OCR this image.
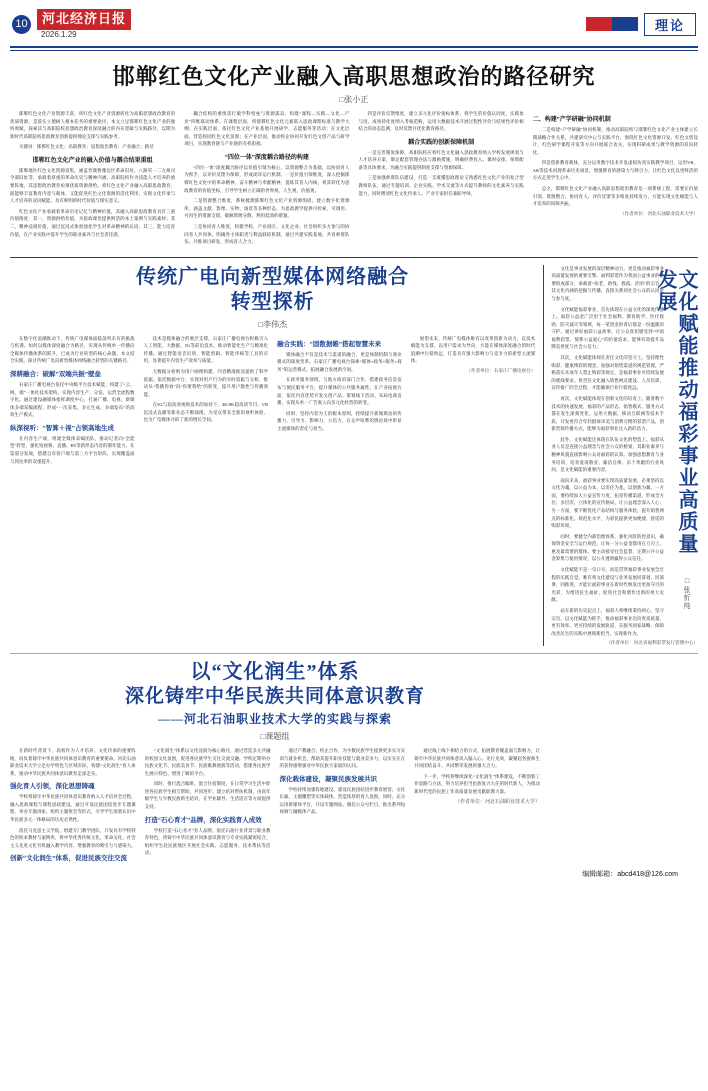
10	河北经济日报
2026.1.29
理论
邯郸红色文化产业融入高职思想政治的路径研究
□张小正

邯郸红色文化产业资源丰富，将红色文化产业资源转化为高职思想政治教育的优质资源，是落实立德树人根本任务的重要途径。本文立足邯郸红色文化产业的独特禀赋，探索其与高职院校思想政治教育深度融合的内在逻辑与实践路径，以期为新时代高职院校思政教育创新提供理论支撑与实践参考。

关键词：邯郸红色文化；高职教育；思想政治教育；产业融合；路径

邯郸红色文化产业的融入价值与耦合结果重组

邯郸地区红色文化资源富集，涵盖晋冀鲁豫边区革命旧址、八路军一二九师司令部旧址等，承载着厚重的革命历史与精神内涵。高职院校作为技能人才培养的重要阵地，其思想政治教育亟须优质资源供给。将红色文化产业融入高职思政教育，既能够丰富教育内容与载体，又能促进红色文化资源的活化利用，实现文化传承与人才培养的双向赋能，具有鲜明的时代价值与现实意义。

红色文化产业承载着革命历史记忆与精神价值，其融入高职思政教育具有三重价值维度：其一，资源供给价值，为思政课堂提供鲜活的本土案例与实践素材；其二，精神浸润价值，通过沉浸式体验强化学生对革命精神的认同；其三，能力培育价值，在产业实践中提升学生的职业素养与社会责任感。

耦合结构的重组需打破学科壁垒与资源孤岛，构建“课程—实践—文化—产业”四维联动体系。在课程层面，将邯郸红色文化元素嵌入思政课程标准与教学大纲；在实践层面，依托红色文化产业基地开展研学、志愿服务等活动；在文化层面，营造校园红色文化氛围；在产业层面，推动校企协同开发红色文创产品与研学项目，实现教育链与产业链的有机衔接。

“四位一体”深度耦合路径的构建

“四位一体”深度耦合路径以价值引领为核心，以资源整合为基础，以协同育人为抓手，以评价反馈为保障，形成闭环运行机制。一是价值引领维度，深入挖掘邯郸红色文化中的革命精神、奋斗精神与奉献精神，提炼其育人内核，将其转化为思政教育的价值坐标，引导学生树立正确的世界观、人生观、价值观。

二是资源整合维度，系统梳理邯郸红色文化产业资源图谱，建立数字化资源库，涵盖文献、影像、实物、场景等多种形态，为思政教学提供可检索、可调用、可再生的资源支撑，破解资源分散、利用低效的难题。

三是协同育人维度，构建学校、产业园区、文化企业、社会组织多方参与的协同育人共同体，明确各主体职责与利益联结机制，通过共建实践基地、共育师资队伍、共推项目研发，形成育人合力。

四是评价反馈维度，建立多元化评价指标体系，将学生的价值认同度、实践参与度、成果转化度纳入考核范畴，运用大数据技术开展过程性评价与结果性评价相结合的动态监测，及时反馈并优化教育路径。

耦合实践的创新保障机制

一是完善制度保障，高职院校应将红色文化融入思政教育纳入学校发展规划与人才培养方案，制定配套管理办法与激励措施，明确经费投入、课时安排、师资配备等具体要求，为融合实践提供制度支撑与资源保障。

三是加强师资队伍建设，打造一支既懂思政理论又熟悉红色文化产业的复合型教师队伍，通过专题培训、企业实践、学术交流等方式提升教师的文化素养与实践能力，同时聘请红色文化传承人、产业专家担任兼职导师。

二、构建“产学研融”协同机制

二是构建“产学研融”协同机制，推动高职院校与邯郸红色文化产业主体建立长期战略合作关系，共建研究中心与实践平台，围绕红色文化资源开发、红色文创设计、红色研学课程开发等方向开展联合攻关，实现科研成果与教学资源的双向转化。

四是创新教育载体，充分运用数字技术开发虚拟仿真实践教学项目，运用VR、AR等技术再现革命历史场景，增强教育的感染力与吸引力，让红色文化以更鲜活的方式走进学生心中。

总之，邯郸红色文化产业融入高职思想政治教育是一项系统工程，需要在价值引领、资源整合、协同育人、评价反馈等多维度持续发力，方能实现文化赋能与人才培养的同频共振。

（作者单位：河北石油职业技术大学）
传统广电向新型媒体网络融合
转型探析
□李伟杰

在数字化浪潮推动下，传统广电媒体面临前所未有的挑战与机遇。如何以媒体深度融合为路径，实现从传统单一传播向全媒体传播体系的跃升，已成为行业转型的核心命题。本文结合实践，探讨传统广电向新型媒体网络融合转型的关键路径。

深耕融合：破解“双端共振”壁垒

石家庄广播电视台依托中央级平台技术赋能，构建了“云、网、端”一体化技术架构，实现内容生产、分发、运营全流程数字化。通过建设融媒体指挥调度中心，打通广播、电视、新媒体多端采编流程，形成“一次采集、多元生成、多端发布”的高效生产模式。

纵深视听：“智算＋视”占领高地生成

在内容生产端，组建全媒体采编团队，推动记者向“全能型”转型，强化短视频、直播、H5等新形态内容的制作能力。在渠道分发端，搭建自有客户端与第三方平台矩阵，实现覆盖面与到达率的双重提升。

技术是媒体融合的底层支撑。石家庄广播电视台积极引入人工智能、大数据、5G等前沿技术，推动智能化生产与精准化传播。通过智能语音识别、智能剪辑、智能审核等工具的应用，显著提升内容生产效率与质量。

大数据分析则为用户画像构建、内容精准推送提供了科学依据。依托数据中台，实现对用户行为的实时追踪与分析，推动从“我播你看”向“你要我给”的转变，提升用户黏性与传播效能。

在5G与超高清视频技术的加持下，4K/8K超高清节目、VR沉浸式直播等新业态不断涌现，为受众带来全新的视听体验，也为广电媒体开辟了新的增长空间。

融合实践：“固数据帷”搭起智慧未来

媒体融合不仅是技术与渠道的融合，更是体制机制与商业模式的深度变革。石家庄广播电视台探索“媒体+政务+服务+商务”的运营模式，拓展融合发展新空间。

在政务服务领域，与地方政府部门合作，搭建政务信息发布与便民服务平台，提升媒体的公共服务属性。在产业拓展方面，依托内容优势开发文创产品、策划线下活动、布局电商直播，实现从单一广告收入向多元化经营的转变。

同时，坚持内容为王的根本原则，持续提升新闻舆论的传播力、引导力、影响力、公信力，在众声喧哗的舆论场中彰显主流媒体的责任与担当。

展望未来，传统广电媒体唯有以改革创新为动力，以技术赋能为支撑，以用户需求为导向，方能在媒体深度融合的时代浪潮中行稳致远，打造具有强大影响力与竞争力的新型主流媒体。

（作者单位：石家庄广播电视台）	文化赋能推动福彩事业高质量发展
□张忻纯

文化是事业发展的深层精神动力，更是推动福彩事业高质量发展的重要引擎。福利彩票作为我国公益事业的重要组成部分，承载着“扶老、助残、救孤、济困”的宗旨，其文化内涵的挖掘与传播，直接关系到社会公众的认同度与参与度。

文化赋能福彩事业，首先体现在公益文化的深度传播上。福彩公益金广泛用于社会福利、教育助学、医疗救助、防灾减灾等领域，每一笔资金的背后都是一份温暖的守护。通过讲好福彩公益故事，让公众真切感受到“中国福利彩票、情系公益爱心”的价值追求，能够有效提升品牌美誉度与社会公信力。

其次，文化赋能体现在责任文化的坚守上。坚持理性购彩、健康博彩的理念，加强对销售渠道的规范管理，严格落实未成年人禁止购彩等规定，是福彩事业可持续发展的底线要求。将责任文化融入销售网点建设、人员培训、宣传推广的全过程，才能确保行业行稳致远。

再次，文化赋能体现在创新文化的培育上。随着数字技术的快速发展，福彩的产品形态、销售模式、服务方式都在发生深刻变化。运用大数据、移动互联网等技术手段，开发更符合年轻群体审美与消费习惯的彩票产品，创新营销传播方式，能够为福彩事业注入新的活力。

此外，文化赋能还体现在队伍文化的塑造上。福彩从业人员是连接公益理念与社会公众的桥梁，其职业素养与精神风貌直接影响公众对福彩的认知。加强思想教育与业务培训，培育爱岗敬业、廉洁自律、乐于奉献的行业风尚，是文化赋能的重要内容。

面向未来，福彩事业要实现高质量发展，必须坚持以文化为魂，以公益为本，以责任为基，以创新为翼。一方面，要持续加大公益宣传力度，拓宽传播渠道，形成全方位、多层次、立体化的宣传格局，让公益理念深入人心；另一方面，要不断优化产品结构与服务体验，提升销售网点的标准化、规范化水平，为彩民提供更加便捷、舒适的购彩环境。

同时，要健全内部治理体系，强化风险防控意识，确保资金安全与运行规范，让每一分公益金都用在刀刃上、惠及最需要的群体。要主动接受社会监督，定期公开公益金筹集与使用情况，以公开透明赢得公众信任。

文化赋能不是一句口号，而是贯穿福彩事业发展全过程的实践自觉。唯有将文化建设与业务发展同谋划、同部署、同推进，才能让福彩事业在新时代焕发出更加夺目的光彩，为增进民生福祉、促进社会和谐作出新的更大贡献。

站在新的历史起点上，福彩人将继续秉持初心，坚守宗旨，以文化赋能为抓手，推动福彩事业迈向更高质量、更有效率、更可持续的发展轨道，在服务国家战略、保障改善民生的实践中展现新担当、实现新作为。

（作者单位：河北省福利彩票发行管理中心）
以“文化润生”体系
深化铸牢中华民族共同体意识教育
——河北石油职业技术大学的实践与探索
□课题组

在新时代背景下，高校作为人才培养、文化传承的重要阵地，肩负着铸牢中华民族共同体意识教育的重要使命。河北石油职业技术大学立足办学特色与区域实际，构建“文化润生”育人体系，推动中华民族共同体意识教育走深走实。

强化育人引领，深化思想铸魂

学校将铸牢中华民族共同体意识教育纳入人才培养全过程，融入思政课程与课程思政建设。通过开设民族团结进步专题课程、举办专题讲座、组织主题班会等形式，引导学生深刻认识中华民族多元一体格局的历史必然性。

依托马克思主义学院，组建专门教学团队，开发具有学校特色的校本教材与案例库，将中华优秀传统文化、革命文化、社会主义先进文化有机融入教学内容，增强教育的吸引力与感染力。

创新“文化润生”体系，促进民族交往交流

“文化润生”体系以文化浸润为核心路径，通过营造多元共融的校园文化氛围，促进各民族学生交往交流交融。学校定期举办民族文化节、民族美食节、民族歌舞展演等活动，搭建各民族学生展示特色、增进了解的平台。

同时，推行混合编班、混合住宿制度，在日常学习生活中促进各民族学生相互帮助、共同进步。建立结对帮扶机制，由高年级学生与少数民族新生结对，在学业辅导、生活适应等方面提供支持。

打造“石心育才”品牌，深化实践育人成效

学校打造“石心育才”育人品牌，依托石油行业背景与职业教育特色，将铸牢中华民族共同体意识教育与专业实践紧密结合。组织学生赴民族地区开展社会实践、志愿服务、技术帮扶等活动。

通过产教融合、校企合作，为少数民族学生提供更多实习实训与就业机会，帮助其提升职业技能与就业竞争力，以实实在在的获得感增强对中华民族大家庭的认同。

深化载体建设，凝聚民族发展共识

学校持续加强阵地建设，建设民族团结进步教育展馆、文化长廊、主题雕塑等实体载体，营造浓厚的育人氛围。同时，充分运用新媒体平台，开设专题网站、微信公众号栏目，推出系列短视频与融媒体产品。

通过线上线下相结合的方式，拓展教育覆盖面与影响力，让铸牢中华民族共同体意识入脑入心、见行见效，凝聚起各族师生共同团结奋斗、共同繁荣发展的强大合力。

下一步，学校将继续深化“文化润生”体系建设，不断创新工作思路与方法，努力培养担当民族复兴大任的时代新人，为推动新时代党的民族工作高质量发展贡献职教力量。

（作者单位：河北石油职业技术大学）
编辑邮箱：abcd418@126.com
